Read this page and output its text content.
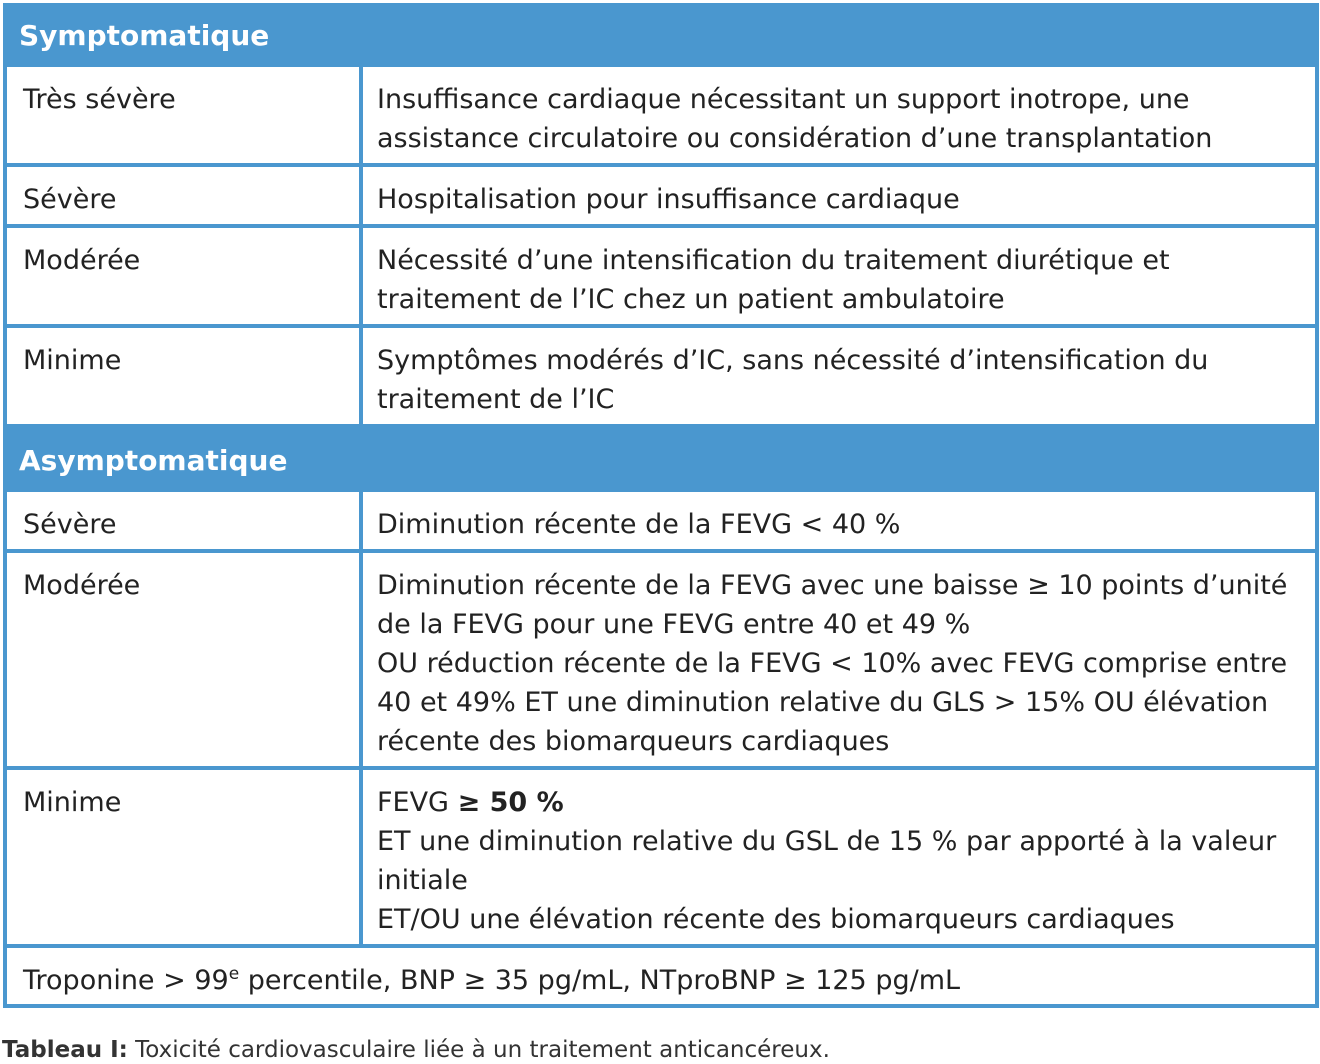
Symptomatique	
Très sévère	Insuffisance cardiaque nécessitant un support inotrope, une
assistance circulatoire ou considération d’une transplantation

Sévère	Hospitalisation pour insuffisance cardiaque

Modérée	Nécessité d’une intensification du traitement diurétique et
traitement de l’IC chez un patient ambulatoire

Minime	Symptômes modérés d’IC, sans nécessité d’intensification du
traitement de l’IC

Asymptomatique	
Sévère	Diminution récente de la FEVG < 40 %

Modérée	Diminution récente de la FEVG avec une baisse ≥ 10 points d’unité
de la FEVG pour une FEVG entre 40 et 49 %
OU réduction récente de la FEVG < 10% avec FEVG comprise entre
40 et 49% ET une diminution relative du GLS > 15% OU élévation
récente des biomarqueurs cardiaques

Minime	FEVG ≥ 50 %
ET une diminution relative du GSL de 15 % par apporté à la valeur
initiale
ET/OU une élévation récente des biomarqueurs cardiaques

Troponine > $99^e$ percentile, BNP ≥ 35 pg/mL, NTproBNP ≥ 125 pg/mL	
Tableau I: Toxicité cardiovasculaire liée à un traitement anticancéreux.
